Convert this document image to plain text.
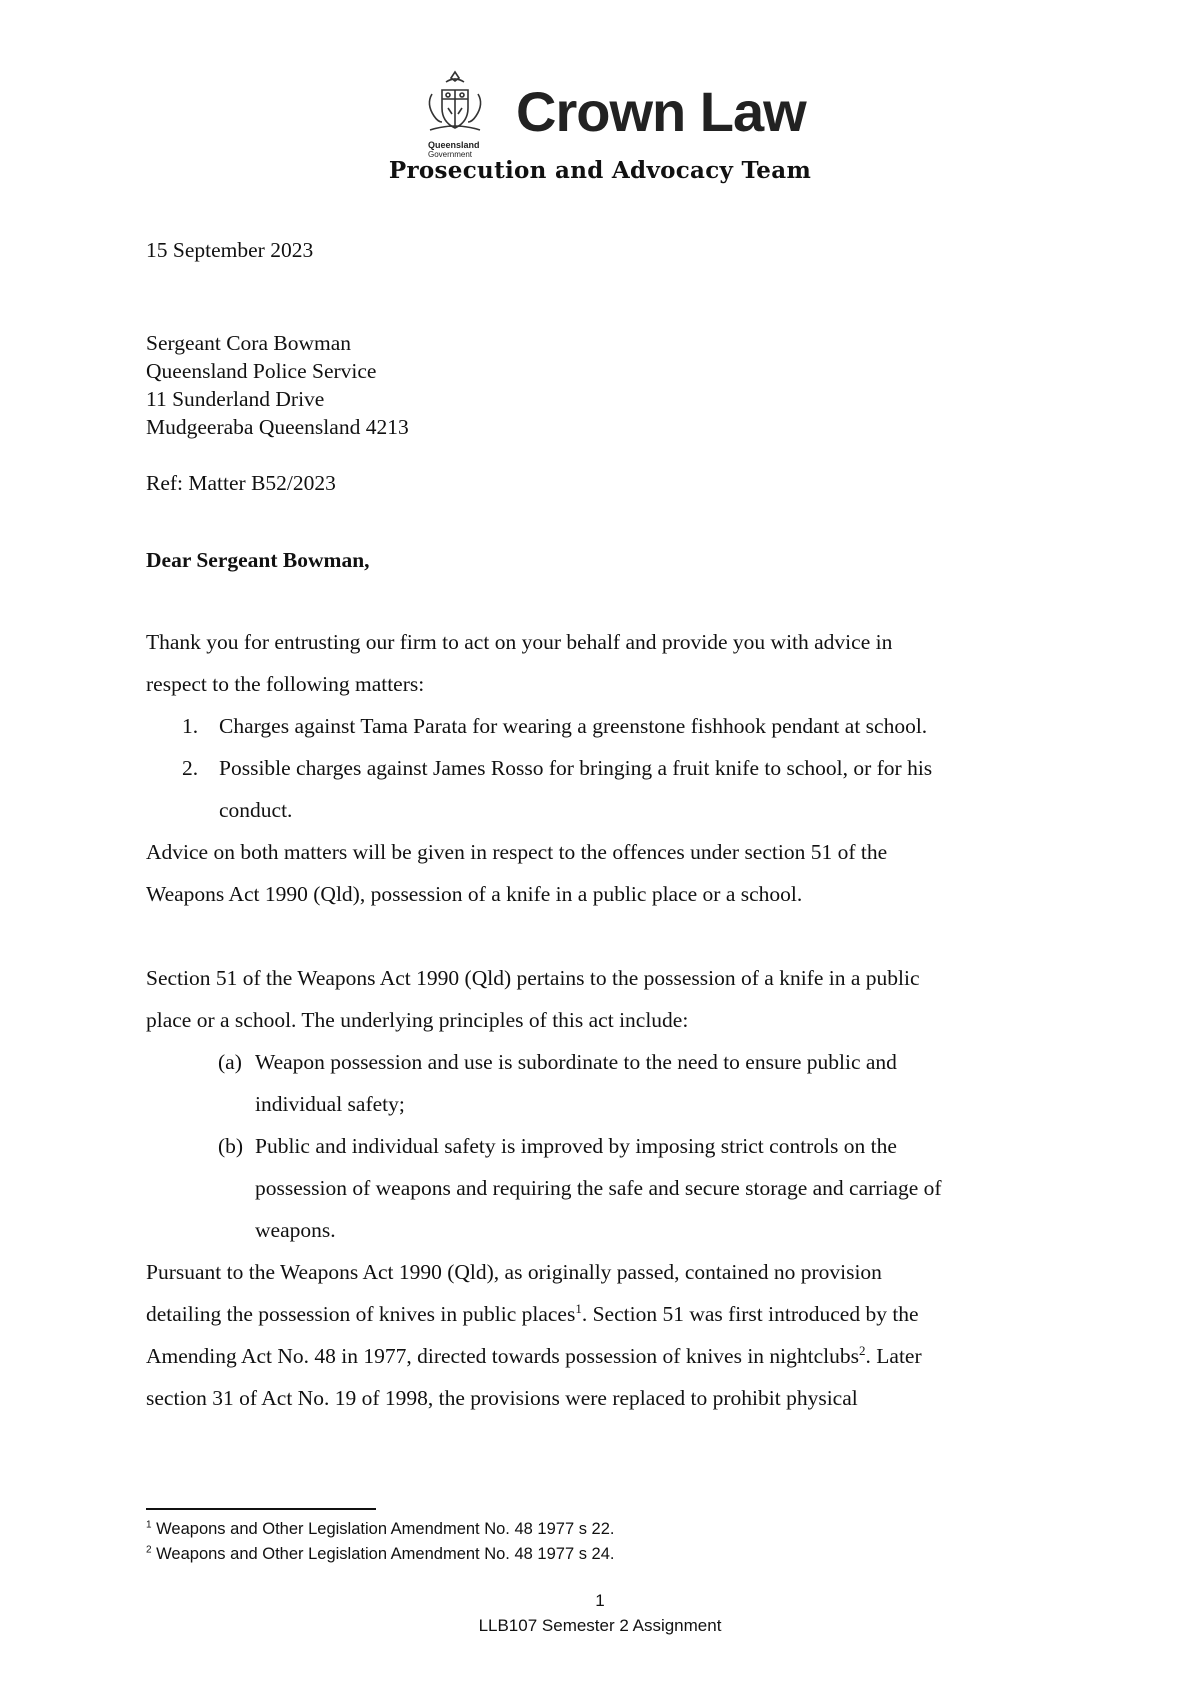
Queensland
Government
Crown Law
Prosecution and Advocacy Team
15 September 2023
Sergeant Cora Bowman
Queensland Police Service
11 Sunderland Drive
Mudgeeraba Queensland 4213
Ref: Matter B52/2023
Dear Sergeant Bowman,
Thank you for entrusting our firm to act on your behalf and provide you with advice in
respect to the following matters:
1. Charges against Tama Parata for wearing a greenstone fishhook pendant at school.
2. Possible charges against James Rosso for bringing a fruit knife to school, or for his
conduct.
Advice on both matters will be given in respect to the offences under section 51 of the
Weapons Act 1990 (Qld), possession of a knife in a public place or a school.
Section 51 of the Weapons Act 1990 (Qld) pertains to the possession of a knife in a public
place or a school. The underlying principles of this act include:
(a) Weapon possession and use is subordinate to the need to ensure public and
individual safety;
(b) Public and individual safety is improved by imposing strict controls on the
possession of weapons and requiring the safe and secure storage and carriage of
weapons.
Pursuant to the Weapons Act 1990 (Qld), as originally passed, contained no provision
detailing the possession of knives in public places$^1$. Section 51 was first introduced by the
Amending Act No. 48 in 1977, directed towards possession of knives in nightclubs$^2$. Later
section 31 of Act No. 19 of 1998, the provisions were replaced to prohibit physical
$^1$ Weapons and Other Legislation Amendment No. 48 1977 s 22.
$^2$ Weapons and Other Legislation Amendment No. 48 1977 s 24.
1
LLB107 Semester 2 Assignment
